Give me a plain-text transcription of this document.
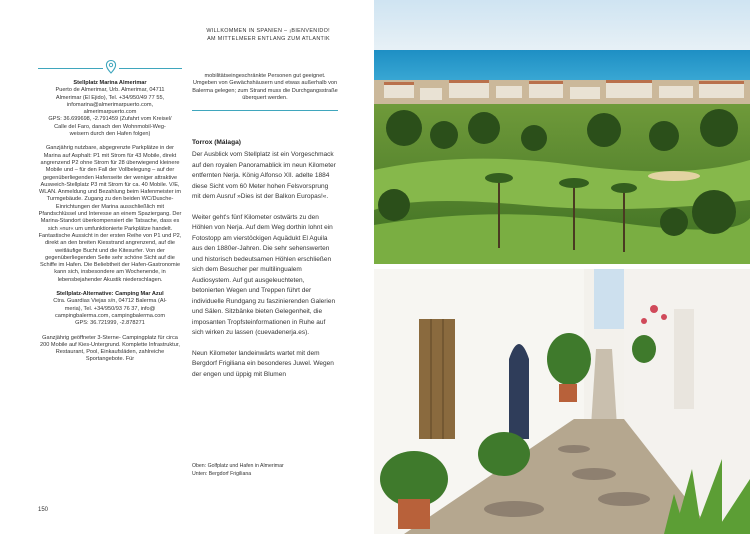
WILLKOMMEN IN SPANIEN – ¡BIENVENIDO!
AM MITTELMEER ENTLANG ZUM ATLANTIK
Stellplatz Marina Almerimar
Puerto de Almerimar, Urb. Almerimar, 04711
Almerimar (El Ejido), Tel. +34/950/49 77 55,
infomarina@almerimarpuerto.com,
almerimarpuerto.com
GPS: 36.699698, -2.791459 (Zufahrt vom Kreisel/
Calle del Faro, danach den Wohnmobil-Weg-
weisern durch den Hafen folgen)
Ganzjährig nutzbare, abgegrenzte Parkplätze in der Marina auf Asphalt: P1 mit Strom für 43 Mobile, direkt angrenzend P2 ohne Strom für 28 überwiegend kleinere Mobile und – für den Fall der Vollbelegung – auf der gegenüberliegenden Hafenseite der weniger attraktive Ausweich-Stellplatz P3 mit Strom für ca. 40 Mobile. V/E, WLAN. Anmeldung und Bezahlung beim Hafenmeister im Turmgebäude. Zugang zu den beiden WC/Dusche-Einrichtungen der Marina ausschließlich mit Pfandschlüssel und Interesse an einem Spaziergang. Der Marina-Standort überkompensiert die Tatsache, dass es sich »nur« um umfunktionierte Parkplätze handelt. Fantastische Aussicht in der ersten Reihe von P1 und P2, direkt an den breiten Kiesstrand angrenzend, auf die weitläufige Bucht und die Kitesurfer. Von der gegenüberliegenden Seite sehr schöne Sicht auf die Schiffe im Hafen. Die Beliebtheit der Hafen-Gastronomie kann sich, insbesondere am Wochenende, in lebensbejahender Akustik niederschlagen.
Stellplatz-Alternative: Camping Mar Azul
Ctra. Guardias Viejas s/n, 04712 Balerma (Al-
meria), Tel. +34/950/93 76 37, info@
campingbalerma.com, campingbalerma.com
GPS: 36.721999, -2.878271
Ganzjährig geöffneter 3-Sterne- Campingplatz für circa 200 Mobile auf Kies-Untergrund. Komplette Infrastruktur, Restaurant, Pool, Einkaufsläden, zahlreiche Sportangebote. Für
mobilitätseingeschränkte Personen gut geeignet. Umgeben von Gewächshäusern und etwas außerhalb von Balerma gelegen; zum Strand muss die Durchgangsstraße überquert werden.
Torrox (Málaga)
Der Ausblick vom Stellplatz ist ein Vorgeschmack auf den royalen Panoramablick im neun Kilometer entfernten Nerja. König Alfonso XII. adelte 1884 diese Sicht vom 60 Meter hohen Felsvorsprung mit dem Ausruf »Dies ist der Balkon Europas!«.
Weiter geht's fünf Kilometer ostwärts zu den Höhlen von Nerja. Auf dem Weg dorthin lohnt ein Fotostopp am vierstöckigen Aquädukt El Aguila aus den 1880er-Jahren. Die sehr sehenswerten und historisch bedeutsamen Höhlen erschließen sich dem Besucher per multilingualem Audiosystem. Auf gut ausgeleuchteten, betonierten Wegen und Treppen führt der individuelle Rundgang zu faszinierenden Galerien und Sälen. Sitzbänke bieten Gelegenheit, die imposanten Tropfsteinformationen in Ruhe auf sich wirken zu lassen (cuevadenerja.es).
Neun Kilometer landeinwärts wartet mit dem Bergdorf Frigiliana ein besonderes Juwel. Wegen der engen und üppig mit Blumen
Oben: Golfplatz und Hafen in Almerimar
Unten: Bergdorf Frigiliana
150
